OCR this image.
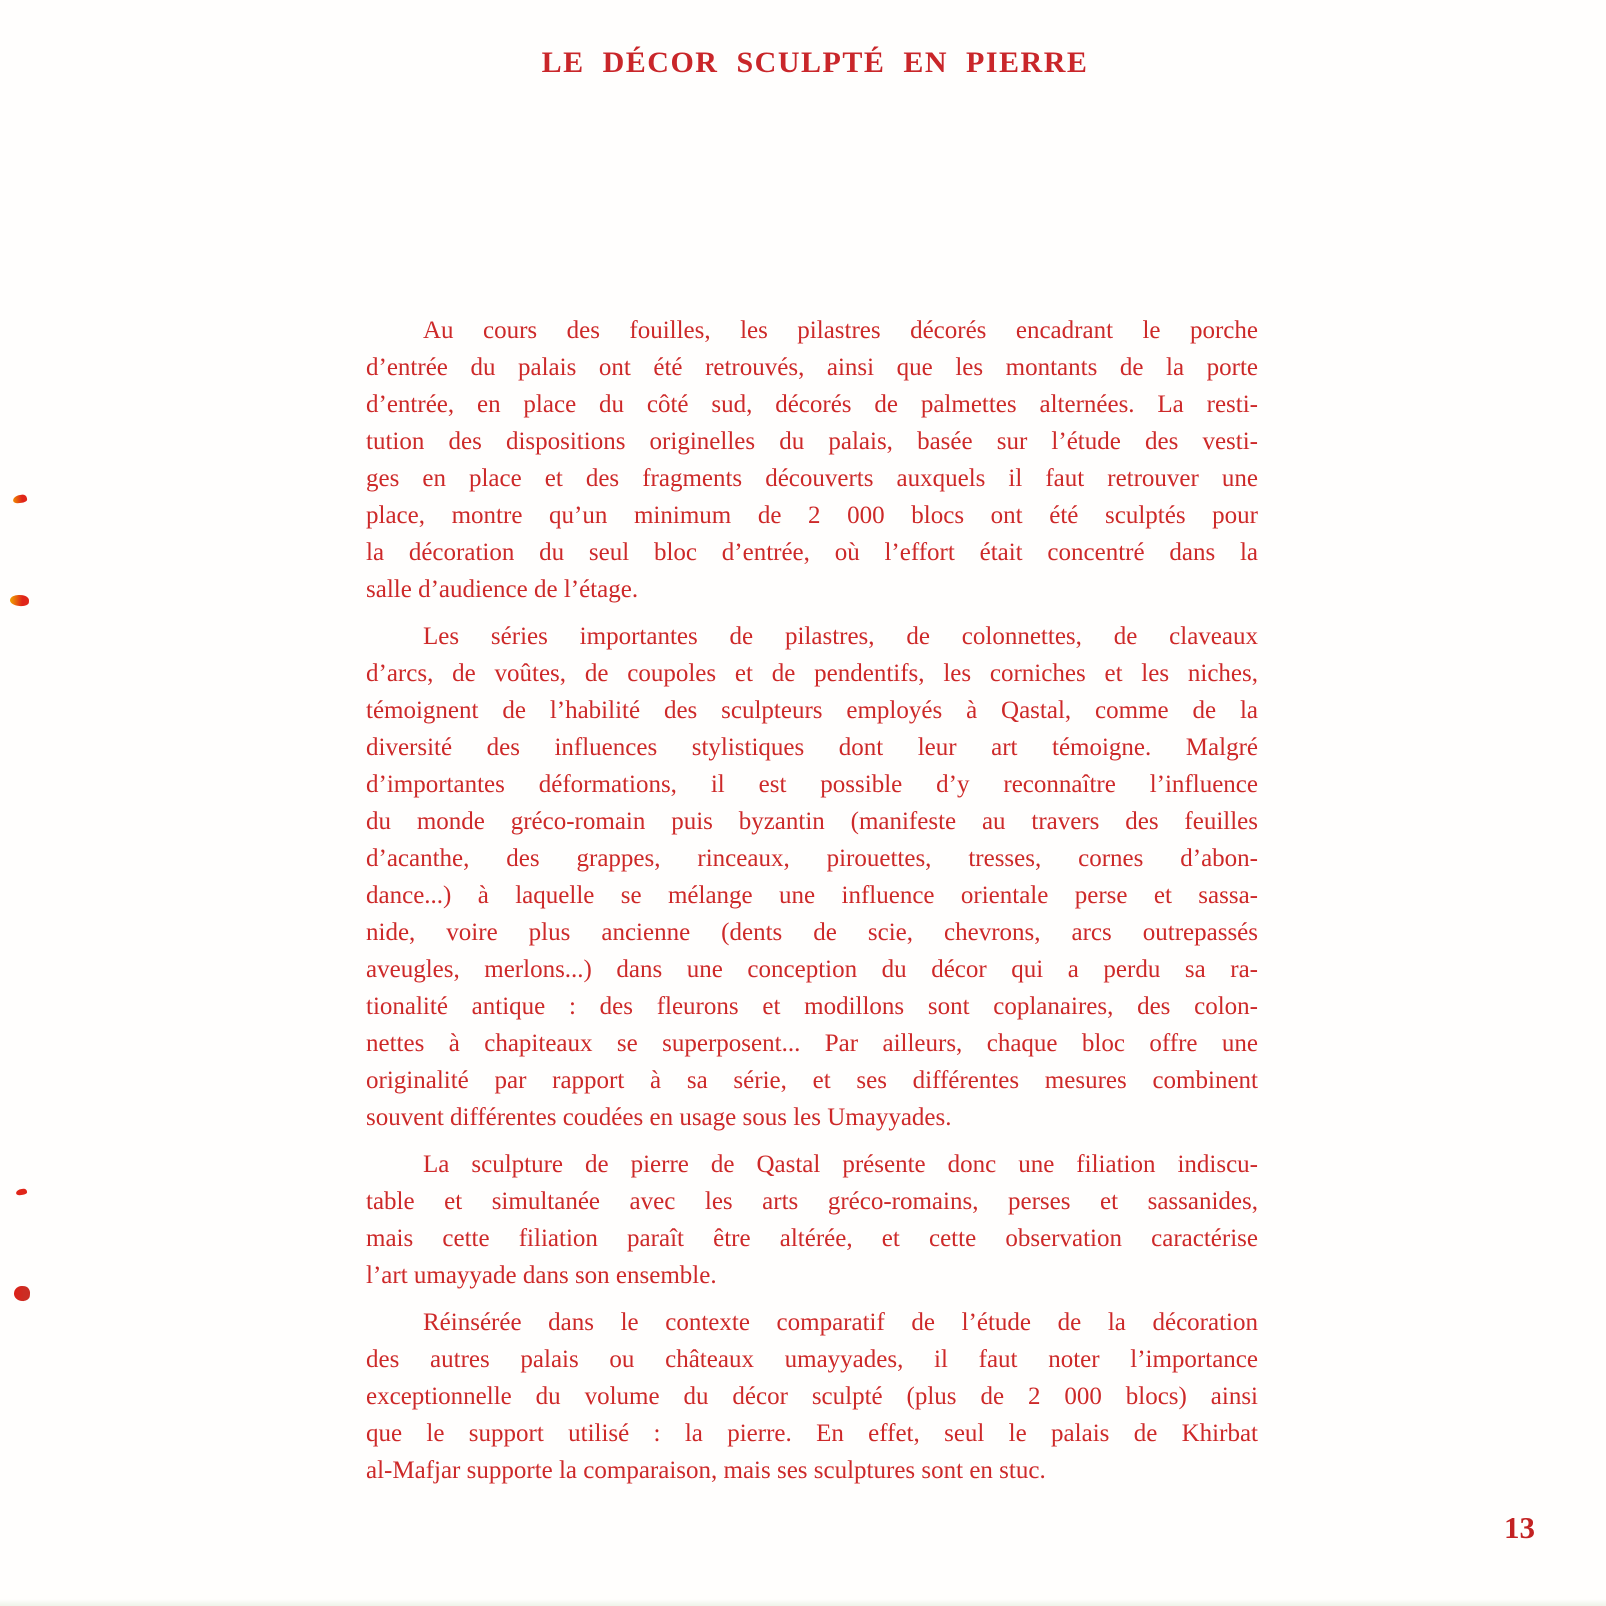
LE DÉCOR SCULPTÉ EN PIERRE

Au cours des fouilles, les pilastres décorés encadrant le porche
d’entrée du palais ont été retrouvés, ainsi que les montants de la porte
d’entrée, en place du côté sud, décorés de palmettes alternées. La resti-
tution des dispositions originelles du palais, basée sur l’étude des vesti-
ges en place et des fragments découverts auxquels il faut retrouver une
place, montre qu’un minimum de 2 000 blocs ont été sculptés pour
la décoration du seul bloc d’entrée, où l’effort était concentré dans la
salle d’audience de l’étage.

Les séries importantes de pilastres, de colonnettes, de claveaux
d’arcs, de voûtes, de coupoles et de pendentifs, les corniches et les niches,
témoignent de l’habilité des sculpteurs employés à Qastal, comme de la
diversité des influences stylistiques dont leur art témoigne. Malgré
d’importantes déformations, il est possible d’y reconnaître l’influence
du monde gréco-romain puis byzantin (manifeste au travers des feuilles
d’acanthe, des grappes, rinceaux, pirouettes, tresses, cornes d’abon-
dance...) à laquelle se mélange une influence orientale perse et sassa-
nide, voire plus ancienne (dents de scie, chevrons, arcs outrepassés
aveugles, merlons...) dans une conception du décor qui a perdu sa ra-
tionalité antique : des fleurons et modillons sont coplanaires, des colon-
nettes à chapiteaux se superposent... Par ailleurs, chaque bloc offre une
originalité par rapport à sa série, et ses différentes mesures combinent
souvent différentes coudées en usage sous les Umayyades.

La sculpture de pierre de Qastal présente donc une filiation indiscu-
table et simultanée avec les arts gréco-romains, perses et sassanides,
mais cette filiation paraît être altérée, et cette observation caractérise
l’art umayyade dans son ensemble.

Réinsérée dans le contexte comparatif de l’étude de la décoration
des autres palais ou châteaux umayyades, il faut noter l’importance
exceptionnelle du volume du décor sculpté (plus de 2 000 blocs) ainsi
que le support utilisé : la pierre. En effet, seul le palais de Khirbat
al-Mafjar supporte la comparaison, mais ses sculptures sont en stuc.

13
